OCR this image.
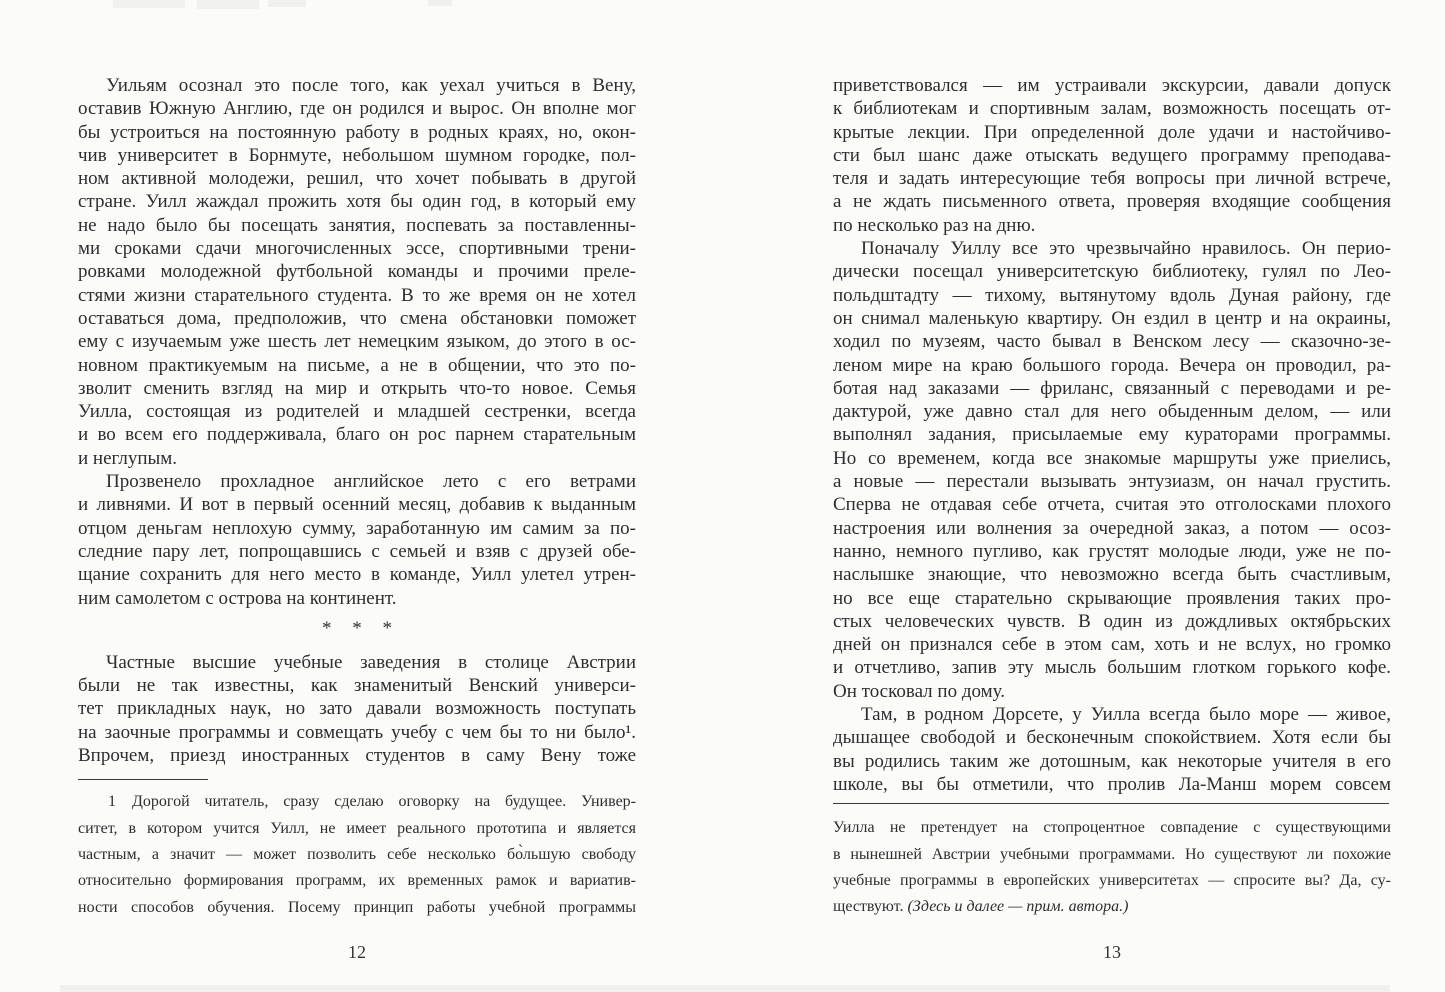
Уильям осознал это после того, как уехал учиться в Вену,
оставив Южную Англию, где он родился и вырос. Он вполне мог
бы устроиться на постоянную работу в родных краях, но, окон-
чив университет в Борнмуте, небольшом шумном городке, пол-
ном активной молодежи, решил, что хочет побывать в другой
стране. Уилл жаждал прожить хотя бы один год, в который ему
не надо было бы посещать занятия, поспевать за поставленны-
ми сроками сдачи многочисленных эссе, спортивными трени-
ровками молодежной футбольной команды и прочими преле-
стями жизни старательного студента. В то же время он не хотел
оставаться дома, предположив, что смена обстановки поможет
ему с изучаемым уже шесть лет немецким языком, до этого в ос-
новном практикуемым на письме, а не в общении, что это по-
зволит сменить взгляд на мир и открыть что-то новое. Семья
Уилла, состоящая из родителей и младшей сестренки, всегда
и во всем его поддерживала, благо он рос парнем старательным
и неглупым.
Прозвенело прохладное английское лето с его ветрами
и ливнями. И вот в первый осенний месяц, добавив к выданным
отцом деньгам неплохую сумму, заработанную им самим за по-
следние пару лет, попрощавшись с семьей и взяв с друзей обе-
щание сохранить для него место в команде, Уилл улетел утрен-
ним самолетом с острова на континент.
* * *
Частные высшие учебные заведения в столице Австрии
были не так известны, как знаменитый Венский универси-
тет прикладных наук, но зато давали возможность поступать
на заочные программы и совмещать учебу с чем бы то ни было¹.
Впрочем, приезд иностранных студентов в саму Вену тоже
1 Дорогой читатель, сразу сделаю оговорку на будущее. Универ-
ситет, в котором учится Уилл, не имеет реального прототипа и является
частным, а значит — может позволить себе несколько бо̀льшую свободу
относительно формирования программ, их временных рамок и вариатив-
ности способов обучения. Посему принцип работы учебной программы
12
приветствовался — им устраивали экскурсии, давали допуск
к библиотекам и спортивным залам, возможность посещать от-
крытые лекции. При определенной доле удачи и настойчиво-
сти был шанс даже отыскать ведущего программу преподава-
теля и задать интересующие тебя вопросы при личной встрече,
а не ждать письменного ответа, проверяя входящие сообщения
по несколько раз на дню.
Поначалу Уиллу все это чрезвычайно нравилось. Он перио-
дически посещал университетскую библиотеку, гулял по Лео-
польдштадту — тихому, вытянутому вдоль Дуная району, где
он снимал маленькую квартиру. Он ездил в центр и на окраины,
ходил по музеям, часто бывал в Венском лесу — сказочно-зе-
леном мире на краю большого города. Вечера он проводил, ра-
ботая над заказами — фриланс, связанный с переводами и ре-
дактурой, уже давно стал для него обыденным делом, — или
выполнял задания, присылаемые ему кураторами программы.
Но со временем, когда все знакомые маршруты уже приелись,
а новые — перестали вызывать энтузиазм, он начал грустить.
Сперва не отдавая себе отчета, считая это отголосками плохого
настроения или волнения за очередной заказ, а потом — осоз-
нанно, немного пугливо, как грустят молодые люди, уже не по-
наслышке знающие, что невозможно всегда быть счастливым,
но все еще старательно скрывающие проявления таких про-
стых человеческих чувств. В один из дождливых октябрьских
дней он признался себе в этом сам, хоть и не вслух, но громко
и отчетливо, запив эту мысль большим глотком горького кофе.
Он тосковал по дому.
Там, в родном Дорсете, у Уилла всегда было море — живое,
дышащее свободой и бесконечным спокойствием. Хотя если бы
вы родились таким же дотошным, как некоторые учителя в его
школе, вы бы отметили, что пролив Ла-Манш морем совсем
Уилла не претендует на стопроцентное совпадение с существующими
в нынешней Австрии учебными программами. Но существуют ли похожие
учебные программы в европейских университетах — спросите вы? Да, су-
ществуют. (Здесь и далее — прим. автора.)
13
